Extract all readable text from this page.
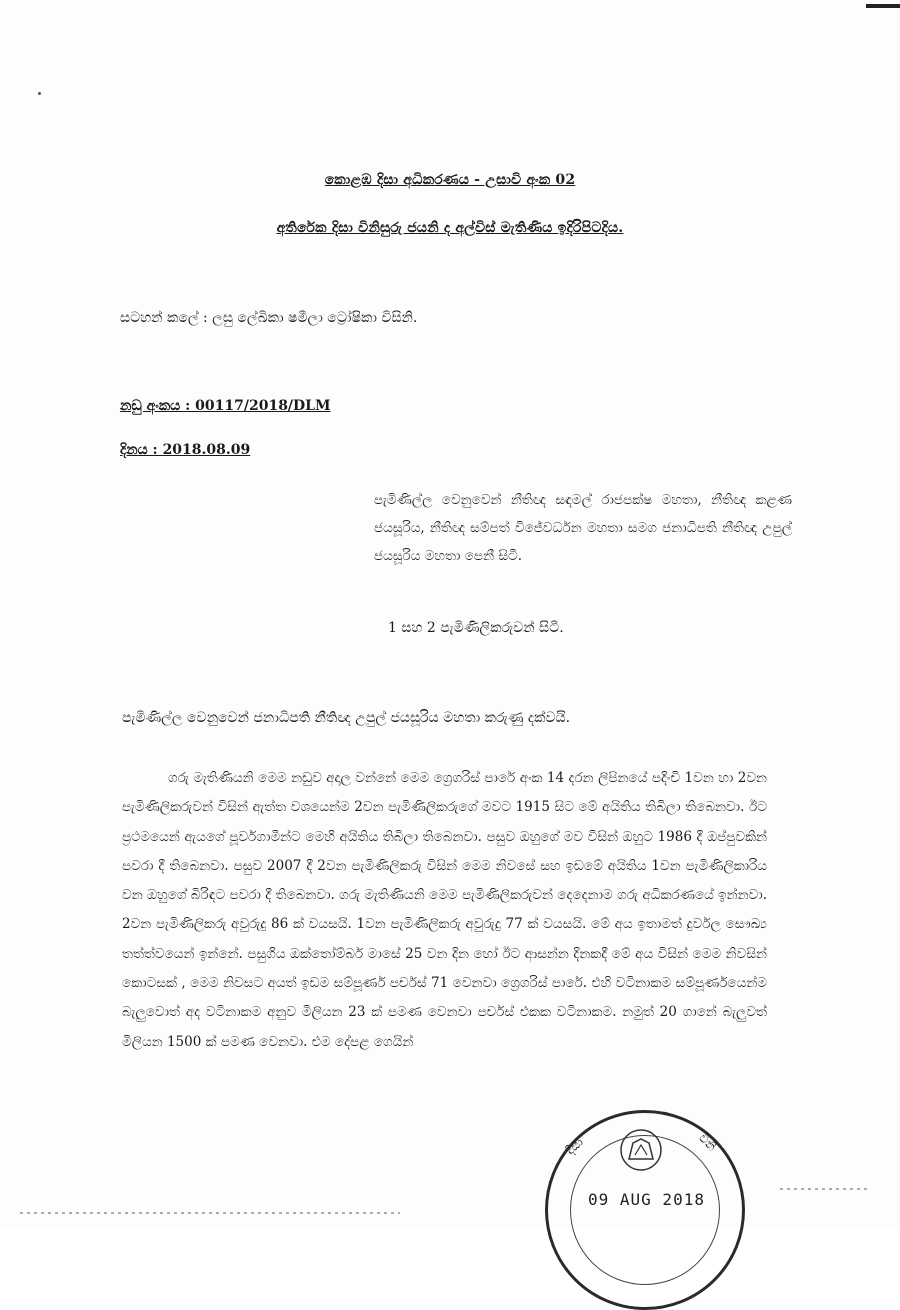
කොළඹ දිසා අධිකරණය - උසාවි අංක 02
අතිරේක දිසා විනිසුරු ජයනි ද අල්විස් මැතිණිය ඉදිරිපිටදිය.
සටහන් කලේ : ලසු ලේඛිකා ෂමීලා ට්‍රෝෂිකා විසිනි.
නඩු අංකය : 00117/2018/DLM
දිනය : 2018.08.09
පැමිණිල්ල වෙනුවෙන් නීතිඥ සඳමල් රාජපක්ෂ මහතා, නීතිඥ කළණ ජයසූරිය, නීතිඥ සම්පත් විජේවර්ධන මහතා සමග ජනාධිපති නීතිඥ උපුල් ජයසූරිය මහතා පෙනී සිටී.
1 සහ 2 පැමිණිලිකරුවන් සිටී.
පැමිණිල්ල වෙනුවෙන් ජනාධිපති නීතිඥ උපුල් ජයසූරිය මහතා කරුණු දක්වයි.
ගරු මැතිණියනි මෙම නඩුව අදාල වන්නේ මෙම ග්‍රෙගරිස් පාරේ අංක 14 දරන ලිපිනයේ පදිංචි 1වන හා 2වන පැමිණිලිකරුවන් විසින් ඇත්ත වශයෙන්ම 2වන පැමිණිලිකරුගේ මවට 1915 සිට මේ අයිතිය තිබිලා තිබෙනවා. ඊට ප්‍රථමයෙන් ඇයගේ පූර්වගාමීන්ට මෙහි අයිතිය තිබිලා තිබෙනවා. පසුව ඔහුගේ මව විසින් ඔහුට 1986 දී ඔප්පුවකින් පවරා දී තිබෙනවා. පසුව 2007 දී 2වන පැමිණිලිකරු විසින් මෙම නිවසේ සහ ඉඩමේ අයිතිය 1වන පැමිණිලිකාරිය වන ඔහුගේ බිරිඳට පවරා දී තිබෙනවා. ගරු මැතිණියනි මෙම පැමිණිලිකරුවන් දෙදෙනාම ගරු අධිකරණයේ ඉන්නවා. 2වන පැමිණිලිකරු අවුරුදු 86 ක් වයසයි. 1වන පැමිණිලිකරු අවුරුදු 77 ක් වයසයි. මේ අය ඉතාමත් දුර්වල සෞඛ්‍ය තත්ත්වයෙන් ඉන්නේ. පසුගිය ඔක්තෝම්බර් මාසේ 25 වන දින හෝ ඊට ආසන්න දිනකදී මේ අය විසින් මෙම නිවසින් කොටසක් , මෙම නිවසට අයත් ඉඩම සම්පූර්ණ පර්චස් 71 වෙනවා ග්‍රෙගරිස් පාරේ. එහි වටිනාකම සම්පූර්ණයෙන්ම බැලුවොත් අද වටිනාකම අනුව මිලියන 23 ක් පමණ වෙනවා පර්චස් එකක වටිනාකම. නමුත් 20 ගානේ බැලුවත් මිලියන 1500 ක් පමණ වෙනවා. එම දේපළ ගෙයින්
දිසා	විනි
09 AUG 2018
